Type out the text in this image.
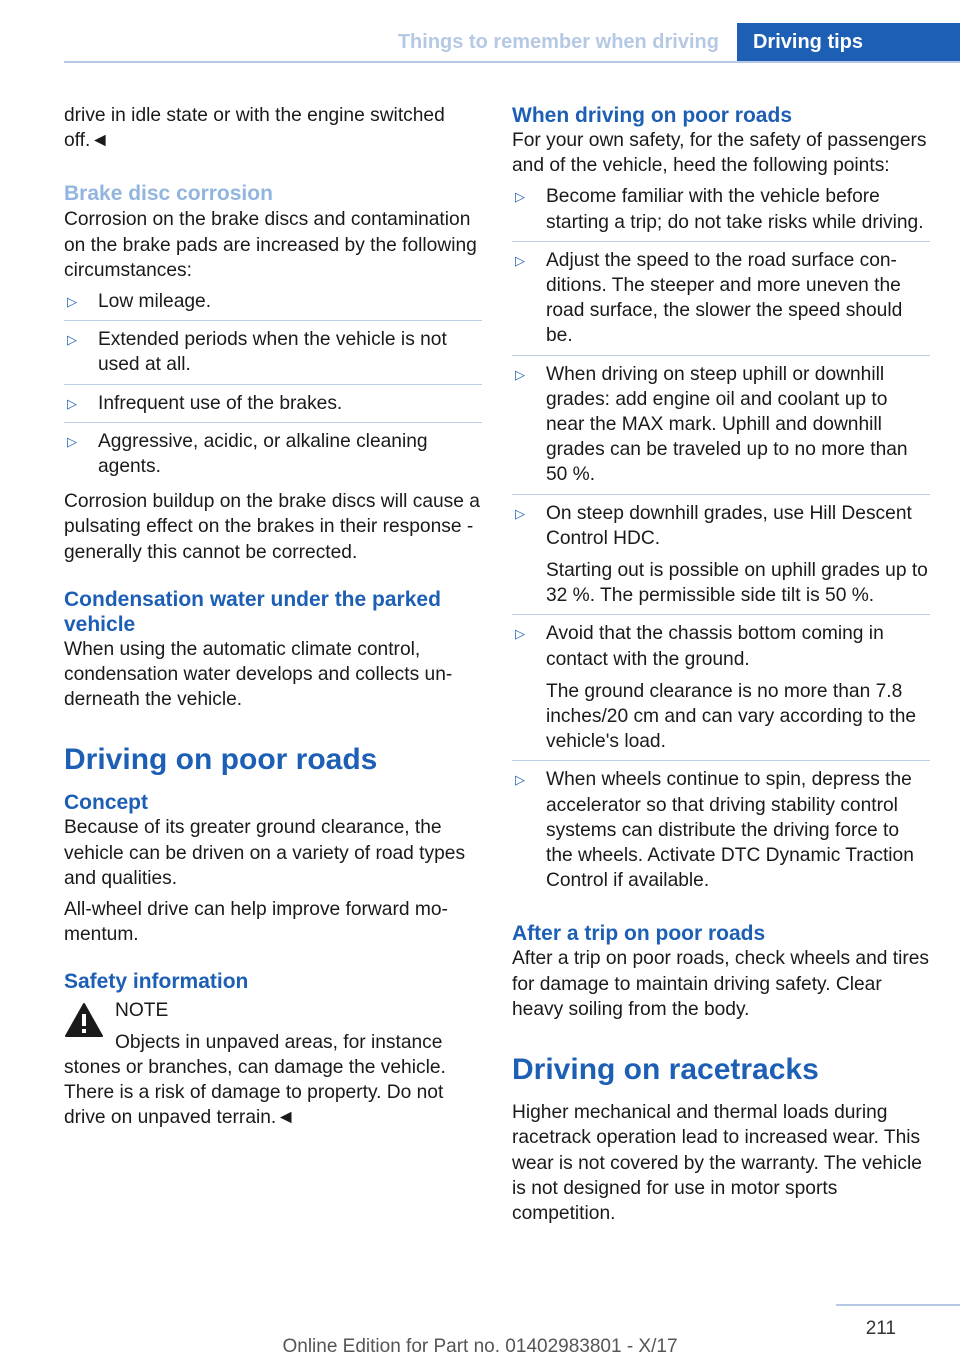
Things to remember when driving	Driving tips

drive in idle state or with the engine switched off.◄

Brake disc corrosion

Corrosion on the brake discs and contamination on the brake pads are increased by the following circumstances:

▷ Low mileage.
▷ Extended periods when the vehicle is not used at all.
▷ Infrequent use of the brakes.
▷ Aggressive, acidic, or alkaline cleaning agents.

Corrosion buildup on the brake discs will cause a pulsating effect on the brakes in their response - generally this cannot be corrected.

Condensation water under the parked vehicle

When using the automatic climate control, condensation water develops and collects underneath the vehicle.

Driving on poor roads
Concept

Because of its greater ground clearance, the vehicle can be driven on a variety of road types and qualities.

All-wheel drive can help improve forward momentum.

Safety information

NOTE

Objects in unpaved areas, for instance stones or branches, can damage the vehicle. There is a risk of damage to property. Do not drive on unpaved terrain.◄

When driving on poor roads

For your own safety, for the safety of passengers and of the vehicle, heed the following points:

▷ Become familiar with the vehicle before starting a trip; do not take risks while driving.
▷ Adjust the speed to the road surface conditions. The steeper and more uneven the road surface, the slower the speed should be.
▷ When driving on steep uphill or downhill grades: add engine oil and coolant up to near the MAX mark. Uphill and downhill grades can be traveled up to no more than 50 %.
▷ On steep downhill grades, use Hill Descent Control HDC.
Starting out is possible on uphill grades up to 32 %. The permissible side tilt is 50 %.
▷ Avoid that the chassis bottom coming in contact with the ground.
The ground clearance is no more than 7.8 inches/20 cm and can vary according to the vehicle's load.
▷ When wheels continue to spin, depress the accelerator so that driving stability control systems can distribute the driving force to the wheels. Activate DTC Dynamic Traction Control if available.
After a trip on poor roads

After a trip on poor roads, check wheels and tires for damage to maintain driving safety. Clear heavy soiling from the body.

Driving on racetracks

Higher mechanical and thermal loads during racetrack operation lead to increased wear. This wear is not covered by the warranty. The vehicle is not designed for use in motor sports competition.

211
Online Edition for Part no. 01402983801 - X/17
